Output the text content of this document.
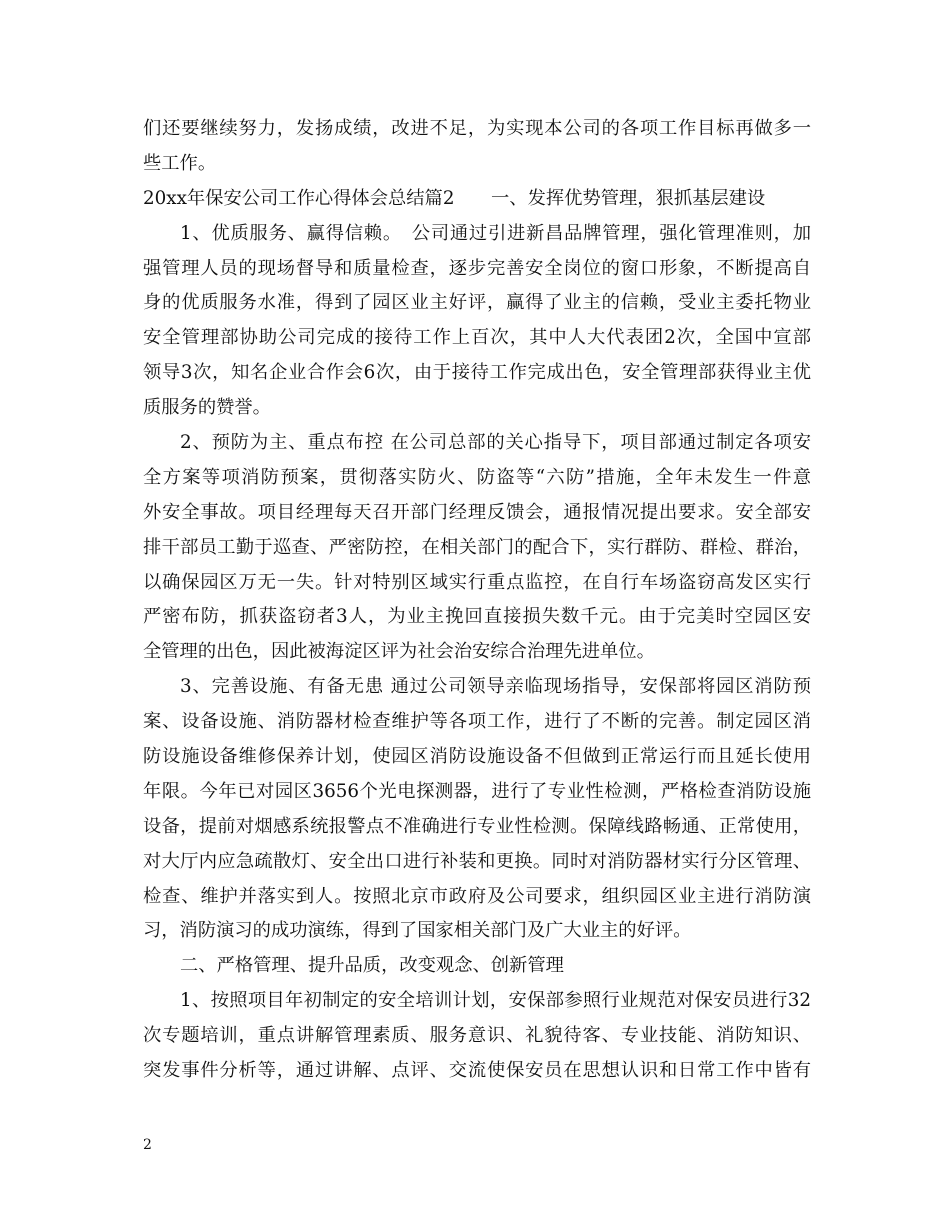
们还要继续努力，发扬成绩，改进不足，为实现本公司的各项工作目标再做多一
些工作。
20xx年保安公司工作心得体会总结篇2　　一、发挥优势管理，狠抓基层建设
1、优质服务、赢得信赖。　公司通过引进新昌品牌管理，强化管理准则，加
强管理人员的现场督导和质量检查，逐步完善安全岗位的窗口形象，不断提高自
身的优质服务水准，得到了园区业主好评，赢得了业主的信赖，受业主委托物业
安全管理部协助公司完成的接待工作上百次，其中人大代表团2次，全国中宣部
领导3次，知名企业合作会6次，由于接待工作完成出色，安全管理部获得业主优
质服务的赞誉。
2、预防为主、重点布控 在公司总部的关心指导下，项目部通过制定各项安
全方案等项消防预案，贯彻落实防火、防盗等“六防”措施，全年未发生一件意
外安全事故。项目经理每天召开部门经理反馈会，通报情况提出要求。安全部安
排干部员工勤于巡查、严密防控，在相关部门的配合下，实行群防、群检、群治，
以确保园区万无一失。针对特别区域实行重点监控，在自行车场盗窃高发区实行
严密布防，抓获盗窃者3人，为业主挽回直接损失数千元。由于完美时空园区安
全管理的出色，因此被海淀区评为社会治安综合治理先进单位。
3、完善设施、有备无患 通过公司领导亲临现场指导，安保部将园区消防预
案、设备设施、消防器材检查维护等各项工作，进行了不断的完善。制定园区消
防设施设备维修保养计划，使园区消防设施设备不但做到正常运行而且延长使用
年限。今年已对园区3656个光电探测器，进行了专业性检测，严格检查消防设施
设备，提前对烟感系统报警点不准确进行专业性检测。保障线路畅通、正常使用，
对大厅内应急疏散灯、安全出口进行补装和更换。同时对消防器材实行分区管理、
检查、维护并落实到人。按照北京市政府及公司要求，组织园区业主进行消防演
习，消防演习的成功演练，得到了国家相关部门及广大业主的好评。
二、严格管理、提升品质，改变观念、创新管理
1、按照项目年初制定的安全培训计划，安保部参照行业规范对保安员进行32
次专题培训，重点讲解管理素质、服务意识、礼貌待客、专业技能、消防知识、
突发事件分析等，通过讲解、点评、交流使保安员在思想认识和日常工作中皆有
2
